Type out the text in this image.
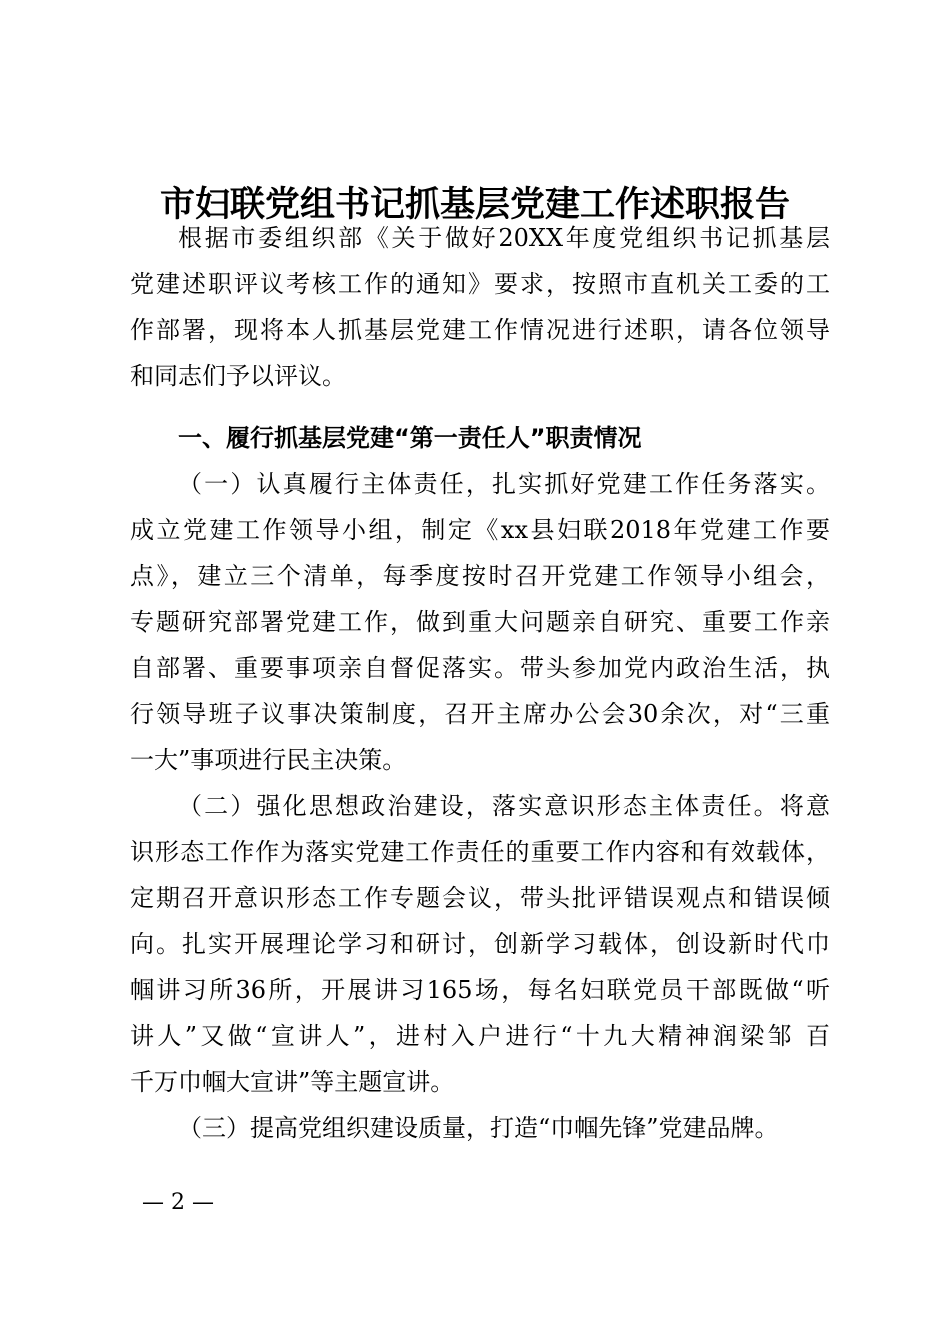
市妇联党组书记抓基层党建工作述职报告
根据市委组织部《关于做好20XX年度党组织书记抓基层
党建述职评议考核工作的通知》要求，按照市直机关工委的工
作部署，现将本人抓基层党建工作情况进行述职，请各位领导
和同志们予以评议。
一、履行抓基层党建“第一责任人”职责情况
（一）认真履行主体责任，扎实抓好党建工作任务落实。
成立党建工作领导小组，制定《xx县妇联2018年党建工作要
点》，建立三个清单，每季度按时召开党建工作领导小组会，
专题研究部署党建工作，做到重大问题亲自研究、重要工作亲
自部署、重要事项亲自督促落实。带头参加党内政治生活，执
行领导班子议事决策制度，召开主席办公会30余次，对“三重
一大”事项进行民主决策。
（二）强化思想政治建设，落实意识形态主体责任。将意
识形态工作作为落实党建工作责任的重要工作内容和有效载体，
定期召开意识形态工作专题会议，带头批评错误观点和错误倾
向。扎实开展理论学习和研讨，创新学习载体，创设新时代巾
帼讲习所36所，开展讲习165场，每名妇联党员干部既做“听
讲人”又做“宣讲人”，进村入户进行“十九大精神润梁邹 百
千万巾帼大宣讲”等主题宣讲。
（三）提高党组织建设质量，打造“巾帼先锋”党建品牌。
— 2 —
